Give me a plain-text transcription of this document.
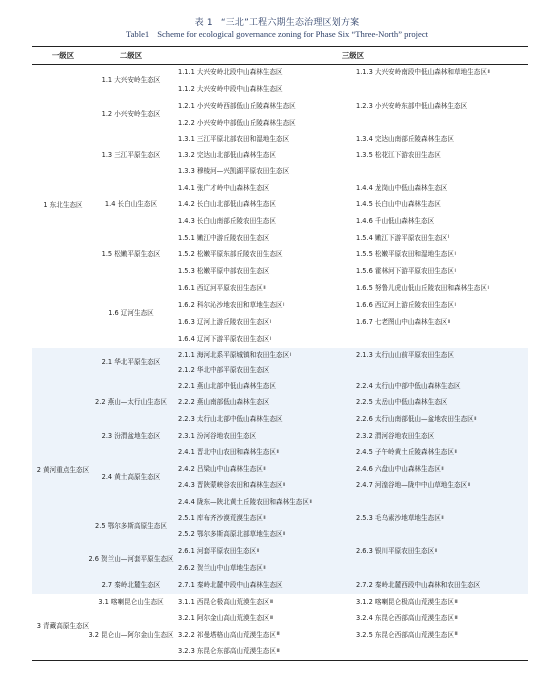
表 1 “三北”工程六期生态治理区划方案
Table1 Scheme for ecological governance zoning for Phase Six “Three-North” project
一级区	二级区	三级区
1 东北生态区
1.1 大兴安岭生态区
1.1.1 大兴安岭北段中山森林生态区	1.1.3 大兴安岭南段中低山森林和草地生态区 Ⅱ
1.1.2 大兴安岭中段中山森林生态区
1.2 小兴安岭生态区
1.2.1 小兴安岭西部低山丘陵森林生态区	1.2.3 小兴安岭东部中低山森林生态区
1.2.2 小兴安岭中部低山丘陵森林生态区
1.3 三江平原生态区
1.3.1 三江平原北部农田和湿地生态区	1.3.4 完达山南部丘陵森林生态区
1.3.2 完达山北部低山森林生态区	1.3.5 松花江下游农田生态区
1.3.3 穆棱河—兴凯湖平原农田生态区
1.4 长白山生态区
1.4.1 张广才岭中山森林生态区	1.4.4 龙岗山中低山森林生态区
1.4.2 长白山北部低山森林生态区	1.4.5 长白山中山森林生态区
1.4.3 长白山南部丘陵农田生态区	1.4.6 千山低山森林生态区
1.5 松嫩平原生态区
1.5.1 嫩江中游丘陵农田生态区	1.5.4 嫩江下游平原农田生态区 Ⅰ
1.5.2 松嫩平原东部丘陵农田生态区	1.5.5 松嫩平原农田和湿地生态区 Ⅰ
1.5.3 松嫩平原中部农田生态区	1.5.6 霍林河下游平原农田生态区 Ⅰ
1.6 辽河生态区
1.6.1 西辽河平原农田生态区 Ⅱ	1.6.5 努鲁儿虎山低山丘陵农田和森林生态区 Ⅰ
1.6.2 科尔沁沙地农田和草地生态区 Ⅰ	1.6.6 西辽河上游丘陵农田生态区 Ⅰ
1.6.3 辽河上游丘陵农田生态区 Ⅰ	1.6.7 七老图山中山森林生态区 Ⅱ
1.6.4 辽河下游平原农田生态区 Ⅰ
2 黄河重点生态区
2.1 华北平原生态区
2.1.1 海河北系平原城镇和农田生态区 Ⅰ	2.1.3 太行山山前平原农田生态区
2.1.2 华北中部平原农田生态区
2.2 燕山—太行山生态区
2.2.1 燕山北部中低山森林生态区	2.2.4 太行山中部中低山森林生态区
2.2.2 燕山南部低山森林生态区	2.2.5 太岳山中低山森林生态区
2.2.3 太行山北部中低山森林生态区	2.2.6 太行山南部低山—盆地农田生态区 Ⅱ
2.3 汾渭盆地生态区	2.3.1 汾河谷地农田生态区	2.3.2 渭河谷地农田生态区
2.4 黄土高原生态区
2.4.1 晋北中山农田和森林生态区 Ⅱ	2.4.5 子午岭黄土丘陵森林生态区 Ⅱ
2.4.2 吕梁山中山森林生态区 Ⅱ	2.4.6 六盘山中山森林生态区 Ⅱ
2.4.3 晋陕蒙峡谷农田和森林生态区 Ⅱ	2.4.7 河湟谷地—陇中中山草地生态区 Ⅱ
2.4.4 陇东—陕北黄土丘陵农田和森林生态区 Ⅱ
2.5 鄂尔多斯高原生态区
2.5.1 库布齐沙漠荒漠生态区 Ⅱ	2.5.3 毛乌素沙地草地生态区 Ⅱ
2.5.2 鄂尔多斯高原北部草地生态区 Ⅱ
2.6 贺兰山—河套平原生态区
2.6.1 河套平原农田生态区 Ⅱ	2.6.3 银川平原农田生态区 Ⅱ
2.6.2 贺兰山中山草地生态区 Ⅱ
2.7 秦岭北麓生态区	2.7.1 秦岭北麓中段中山森林生态区	2.7.2 秦岭北麓西段中山森林和农田生态区
3 青藏高原生态区
3.1 喀喇昆仑山生态区	3.1.1 西昆仑极高山荒漠生态区 Ⅲ	3.1.2 喀喇昆仑极高山荒漠生态区 Ⅲ
3.2 昆仑山—阿尔金山生态区
3.2.1 阿尔金山高山荒漠生态区 Ⅲ	3.2.4 东昆仑西部高山荒漠生态区 Ⅲ
3.2.2 祁曼塔格山高山荒漠生态区 Ⅲ	3.2.5 东昆仑西部高山荒漠生态区 Ⅲ
3.2.3 东昆仑东部高山荒漠生态区 Ⅲ
